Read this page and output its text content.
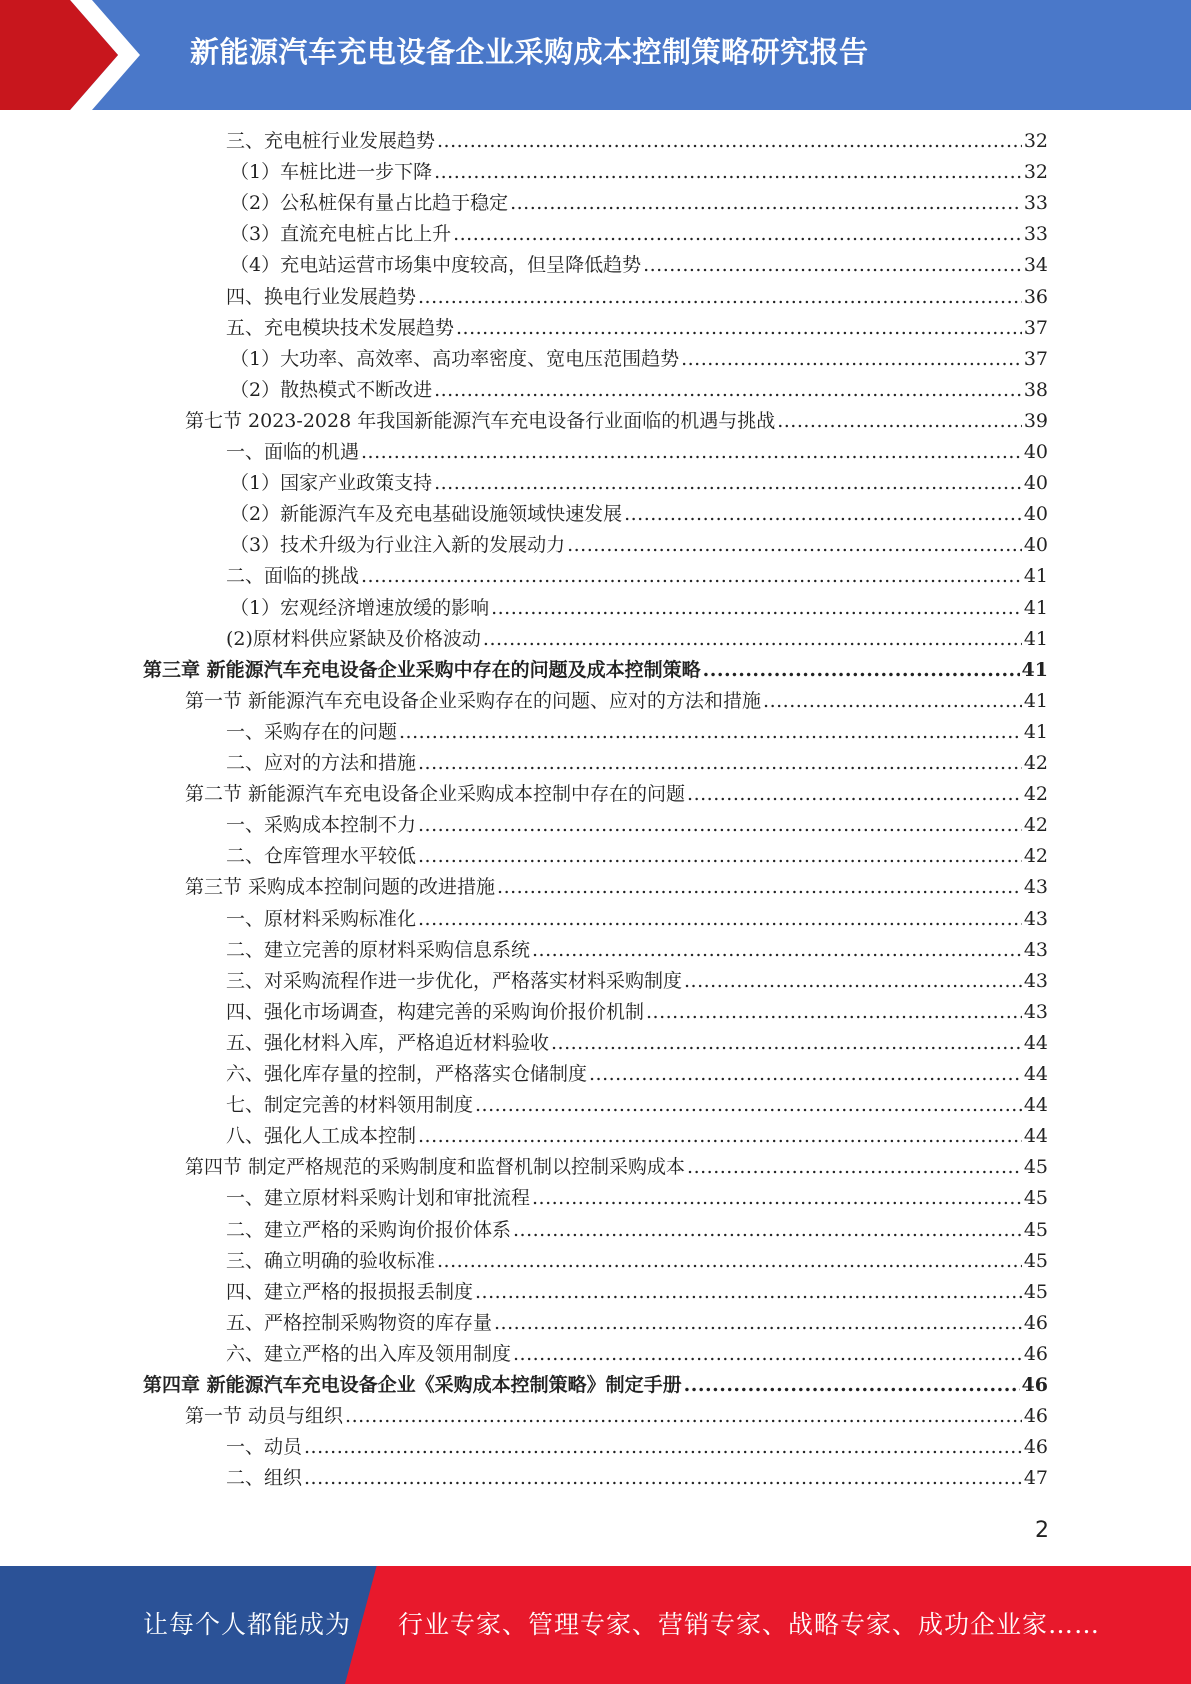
新能源汽车充电设备企业采购成本控制策略研究报告
三、充电桩行业发展趋势 .....	32
（1）车桩比进一步下降 .....	32
（2）公私桩保有量占比趋于稳定 .....	33
（3）直流充电桩占比上升 .....	33
（4）充电站运营市场集中度较高，但呈降低趋势 .....	34
四、换电行业发展趋势 .....	36
五、充电模块技术发展趋势 .....	37
（1）大功率、高效率、高功率密度、宽电压范围趋势 .....	37
（2）散热模式不断改进 .....	38
第七节 2023-2028 年我国新能源汽车充电设备行业面临的机遇与挑战 .....	39
一、面临的机遇 .....	40
（1）国家产业政策支持 .....	40
（2）新能源汽车及充电基础设施领域快速发展 .....	40
（3）技术升级为行业注入新的发展动力 .....	40
二、面临的挑战 .....	41
（1）宏观经济增速放缓的影响 .....	41
(2)原材料供应紧缺及价格波动 .....	41
第三章 新能源汽车充电设备企业采购中存在的问题及成本控制策略 .....	41
第一节 新能源汽车充电设备企业采购存在的问题、应对的方法和措施 .....	41
一、采购存在的问题 .....	41
二、应对的方法和措施 .....	42
第二节 新能源汽车充电设备企业采购成本控制中存在的问题 .....	42
一、采购成本控制不力 .....	42
二、仓库管理水平较低 .....	42
第三节 采购成本控制问题的改进措施 .....	43
一、原材料采购标准化 .....	43
二、建立完善的原材料采购信息系统 .....	43
三、对采购流程作进一步优化，严格落实材料采购制度 .....	43
四、强化市场调查，构建完善的采购询价报价机制 .....	43
五、强化材料入库，严格追近材料验收 .....	44
六、强化库存量的控制，严格落实仓储制度 .....	44
七、制定完善的材料领用制度 .....	44
八、强化人工成本控制 .....	44
第四节 制定严格规范的采购制度和监督机制以控制采购成本 .....	45
一、建立原材料采购计划和审批流程 .....	45
二、建立严格的采购询价报价体系 .....	45
三、确立明确的验收标准 .....	45
四、建立严格的报损报丢制度 .....	45
五、严格控制采购物资的库存量 .....	46
六、建立严格的出入库及领用制度 .....	46
第四章 新能源汽车充电设备企业《采购成本控制策略》制定手册 .....	46
第一节 动员与组织 .....	46
一、动员 .....	46
二、组织 .....	47
2
让每个人都能成为 行业专家、管理专家、营销专家、战略专家、成功企业家……
